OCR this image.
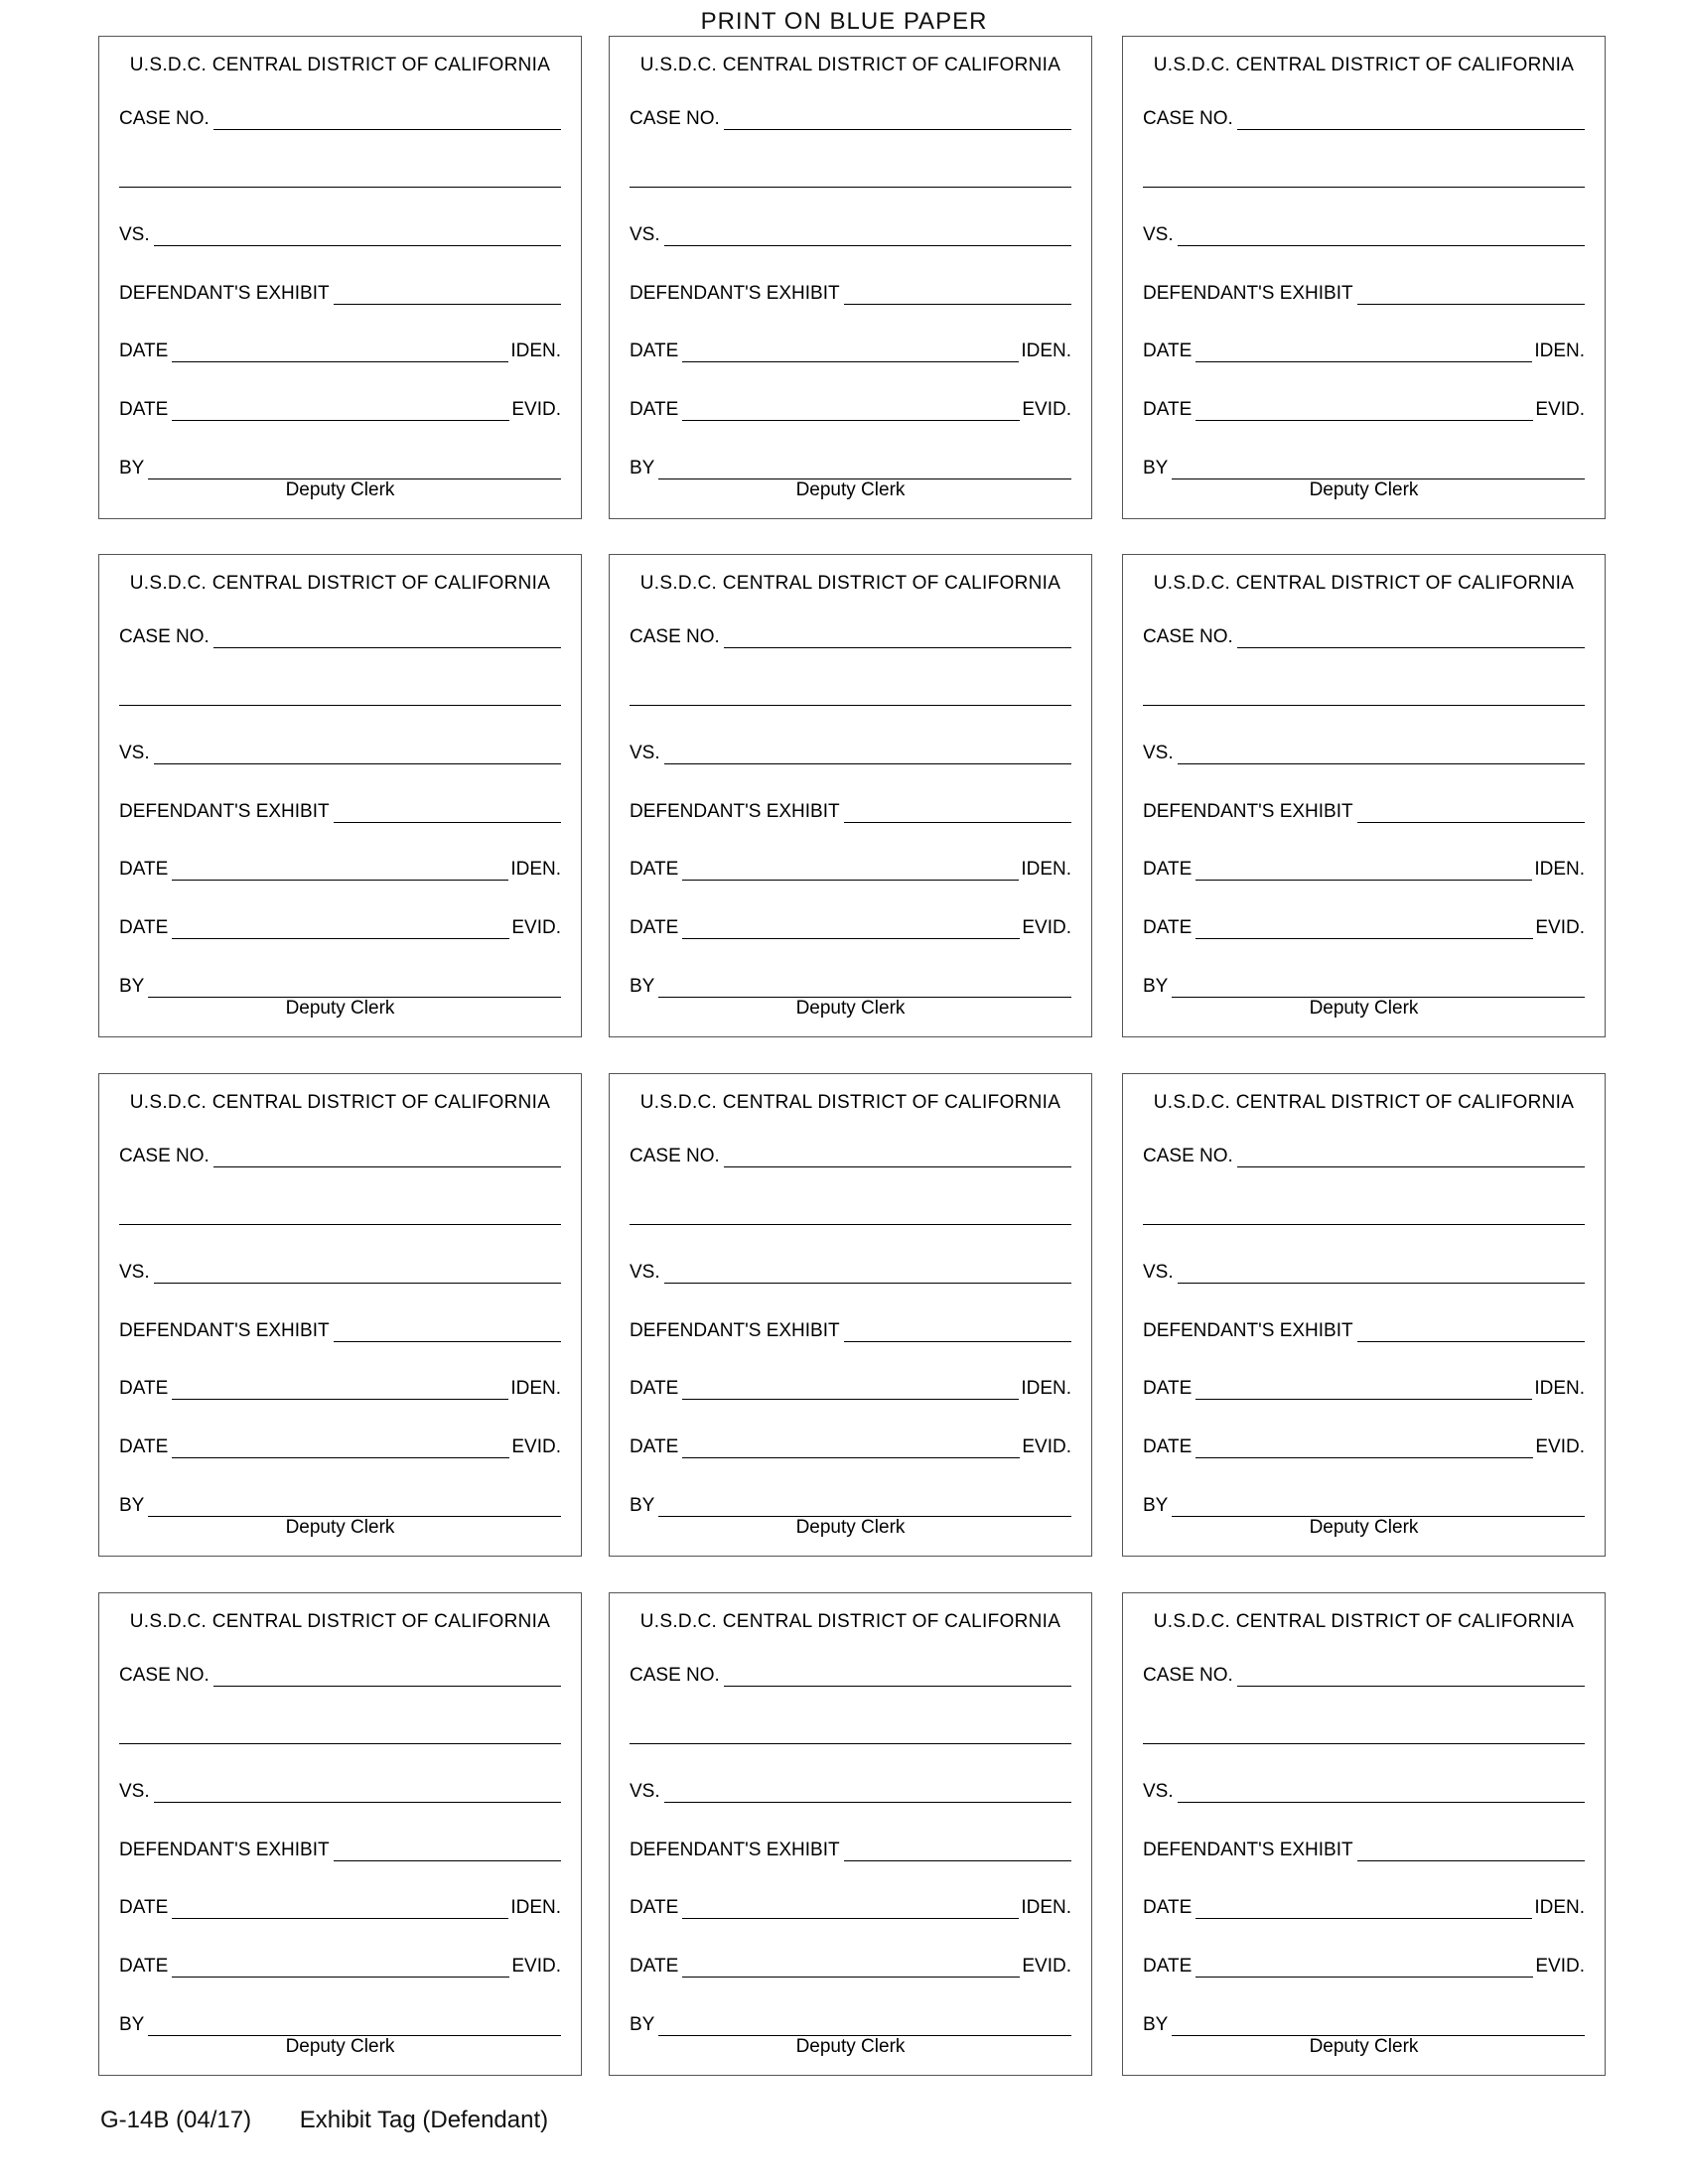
PRINT ON BLUE PAPER
U.S.D.C. CENTRAL DISTRICT OF CALIFORNIA
CASE NO.
VS.
DEFENDANT'S EXHIBIT
DATE	IDEN.
DATE	EVID.
BY
Deputy Clerk
U.S.D.C. CENTRAL DISTRICT OF CALIFORNIA
CASE NO.
VS.
DEFENDANT'S EXHIBIT
DATE	IDEN.
DATE	EVID.
BY
Deputy Clerk
U.S.D.C. CENTRAL DISTRICT OF CALIFORNIA
CASE NO.
VS.
DEFENDANT'S EXHIBIT
DATE	IDEN.
DATE	EVID.
BY
Deputy Clerk
U.S.D.C. CENTRAL DISTRICT OF CALIFORNIA
CASE NO.
VS.
DEFENDANT'S EXHIBIT
DATE	IDEN.
DATE	EVID.
BY
Deputy Clerk
U.S.D.C. CENTRAL DISTRICT OF CALIFORNIA
CASE NO.
VS.
DEFENDANT'S EXHIBIT
DATE	IDEN.
DATE	EVID.
BY
Deputy Clerk
U.S.D.C. CENTRAL DISTRICT OF CALIFORNIA
CASE NO.
VS.
DEFENDANT'S EXHIBIT
DATE	IDEN.
DATE	EVID.
BY
Deputy Clerk
U.S.D.C. CENTRAL DISTRICT OF CALIFORNIA
CASE NO.
VS.
DEFENDANT'S EXHIBIT
DATE	IDEN.
DATE	EVID.
BY
Deputy Clerk
U.S.D.C. CENTRAL DISTRICT OF CALIFORNIA
CASE NO.
VS.
DEFENDANT'S EXHIBIT
DATE	IDEN.
DATE	EVID.
BY
Deputy Clerk
U.S.D.C. CENTRAL DISTRICT OF CALIFORNIA
CASE NO.
VS.
DEFENDANT'S EXHIBIT
DATE	IDEN.
DATE	EVID.
BY
Deputy Clerk
U.S.D.C. CENTRAL DISTRICT OF CALIFORNIA
CASE NO.
VS.
DEFENDANT'S EXHIBIT
DATE	IDEN.
DATE	EVID.
BY
Deputy Clerk
U.S.D.C. CENTRAL DISTRICT OF CALIFORNIA
CASE NO.
VS.
DEFENDANT'S EXHIBIT
DATE	IDEN.
DATE	EVID.
BY
Deputy Clerk
U.S.D.C. CENTRAL DISTRICT OF CALIFORNIA
CASE NO.
VS.
DEFENDANT'S EXHIBIT
DATE	IDEN.
DATE	EVID.
BY
Deputy Clerk
G-14B (04/17) Exhibit Tag (Defendant)
